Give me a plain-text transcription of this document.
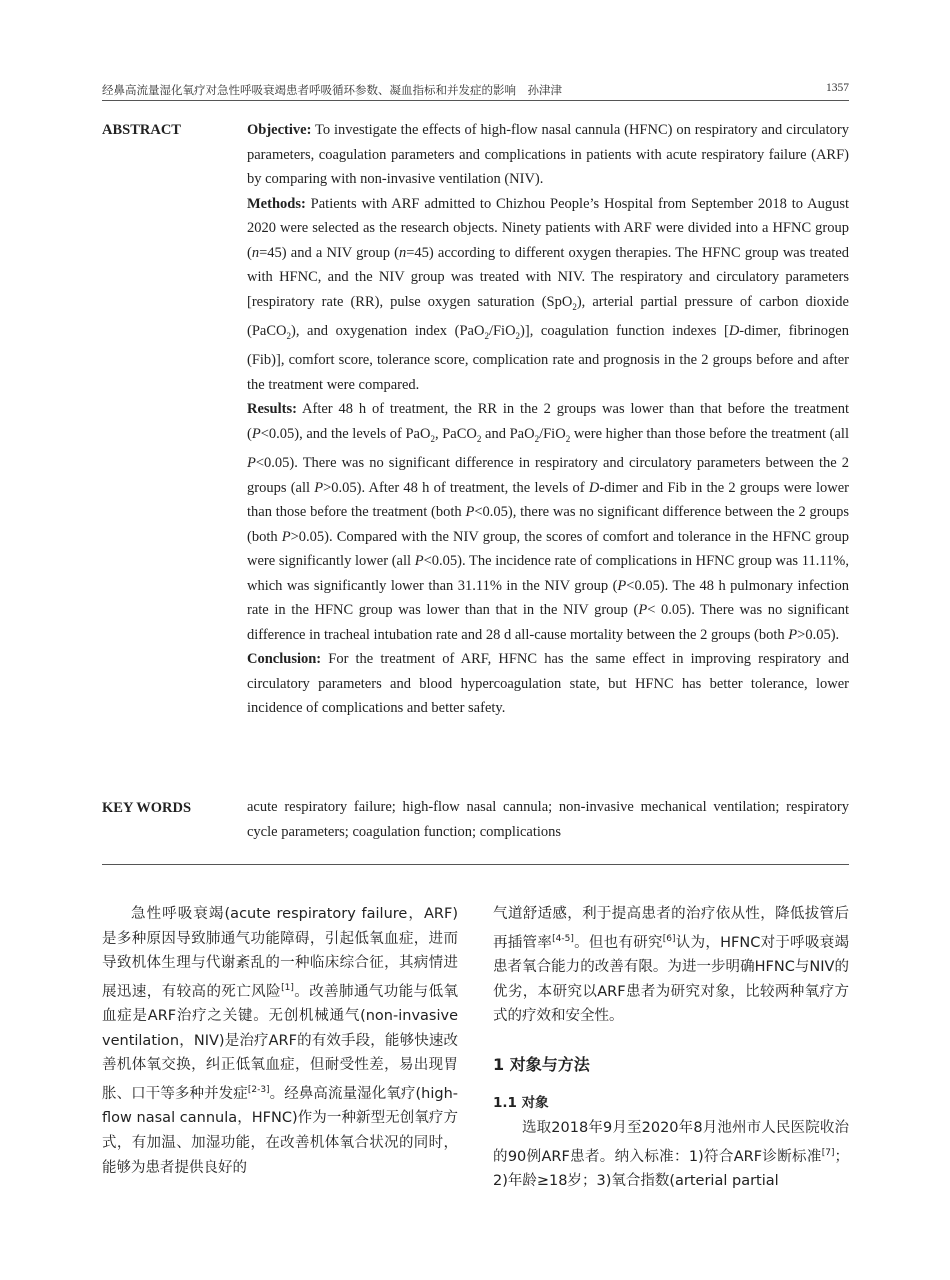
经鼻高流量湿化氧疗对急性呼吸衰竭患者呼吸循环参数、凝血指标和并发症的影响　 孙津津	1357
ABSTRACT	Objective: To investigate the effects of high-flow nasal cannula (HFNC) on respiratory and circulatory parameters, coagulation parameters and complications in patients with acute respiratory failure (ARF) by comparing with non-invasive ventilation (NIV).

Methods: Patients with ARF admitted to Chizhou People’s Hospital from September 2018 to August 2020 were selected as the research objects. Ninety patients with ARF were divided into a HFNC group (n=45) and a NIV group (n=45) according to different oxygen therapies. The HFNC group was treated with HFNC, and the NIV group was treated with NIV. The respiratory and circulatory parameters [respiratory rate (RR), pulse oxygen saturation (SpO$_2$), arterial partial pressure of carbon dioxide (PaCO$_2$), and oxygenation index (PaO$_2$/FiO$_2$)], coagulation function indexes [D-dimer, fibrinogen (Fib)], comfort score, tolerance score, complication rate and prognosis in the 2 groups before and after the treatment were compared.

Results: After 48 h of treatment, the RR in the 2 groups was lower than that before the treatment (P<0.05), and the levels of PaO$_2$, PaCO$_2$ and PaO$_2$/FiO$_2$ were higher than those before the treatment (all P<0.05). There was no significant difference in respiratory and circulatory parameters between the 2 groups (all P>0.05). After 48 h of treatment, the levels of D-dimer and Fib in the 2 groups were lower than those before the treatment (both P<0.05), there was no significant difference between the 2 groups (both P>0.05). Compared with the NIV group, the scores of comfort and tolerance in the HFNC group were significantly lower (all P<0.05). The incidence rate of complications in HFNC group was 11.11%, which was significantly lower than 31.11% in the NIV group (P<0.05). The 48 h pulmonary infection rate in the HFNC group was lower than that in the NIV group (P< 0.05). There was no significant difference in tracheal intubation rate and 28 d all-cause mortality between the 2 groups (both P>0.05).

Conclusion: For the treatment of ARF, HFNC has the same effect in improving respiratory and circulatory parameters and blood hypercoagulation state, but HFNC has better tolerance, lower incidence of complications and better safety.

KEY WORDS	acute respiratory failure; high-flow nasal cannula; non-invasive mechanical ventilation; respiratory cycle parameters; coagulation function; complications

急性呼吸衰竭(acute respiratory failure，ARF)是多种原因导致肺通气功能障碍，引起低氧血症，进而导致机体生理与代谢紊乱的一种临床综合征，其病情进展迅速，有较高的死亡风险[1]。改善肺通气功能与低氧血症是ARF治疗之关键。无创机械通气(non-invasive ventilation，NIV)是治疗ARF的有效手段，能够快速改善机体氧交换，纠正低氧血症，但耐受性差，易出现胃胀、口干等多种并发症[2-3]。经鼻高流量湿化氧疗(high-flow nasal cannula，HFNC)作为一种新型无创氧疗方式，有加温、加湿功能，在改善机体氧合状况的同时，能够为患者提供良好的

气道舒适感，利于提高患者的治疗依从性，降低拔管后再插管率[4-5]。但也有研究[6]认为，HFNC对于呼吸衰竭患者氧合能力的改善有限。为进一步明确HFNC与NIV的优劣，本研究以ARF患者为研究对象，比较两种氧疗方式的疗效和安全性。

1 对象与方法

1.1 对象

选取2018年9月至2020年8月池州市人民医院收治的90例ARF患者。纳入标准：1)符合ARF诊断标准[7]；2)年龄≥18岁；3)氧合指数(arterial partial
